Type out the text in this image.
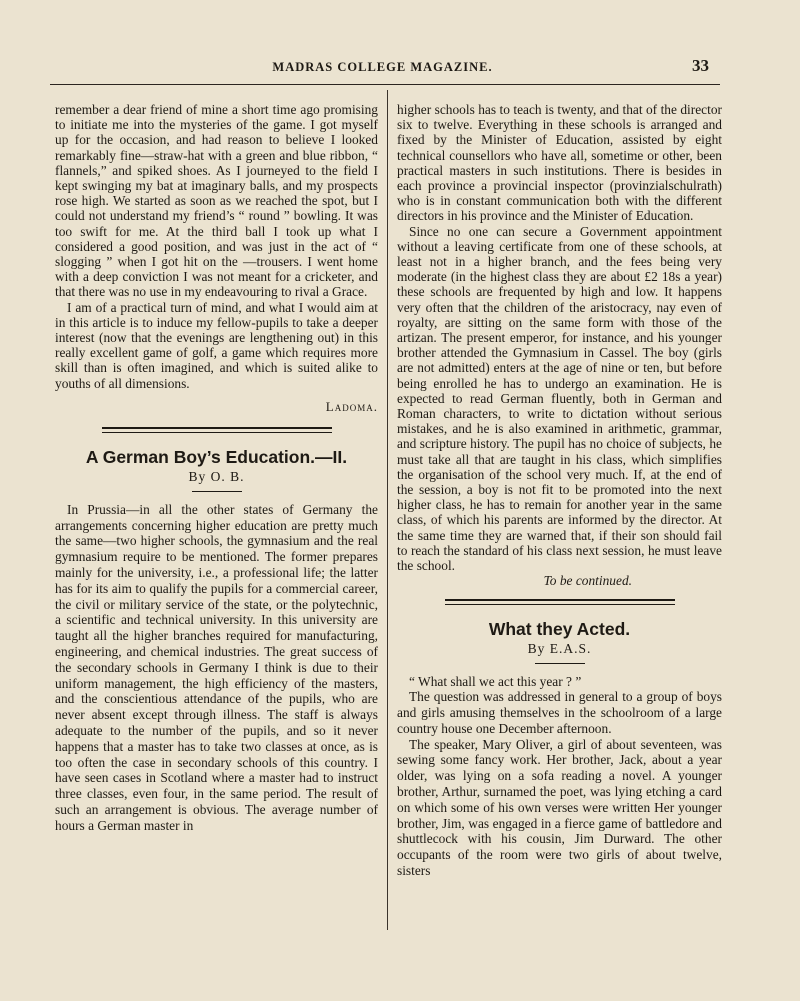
MADRAS COLLEGE MAGAZINE.	33

remember a dear friend of mine a short time ago promising to initiate me into the mysteries of the game. I got myself up for the occasion, and had reason to believe I looked remarkably fine—straw-hat with a green and blue ribbon, “ flannels,” and spiked shoes. As I journeyed to the field I kept swinging my bat at imaginary balls, and my prospects rose high. We started as soon as we reached the spot, but I could not understand my friend’s “ round ” bowling. It was too swift for me. At the third ball I took up what I considered a good position, and was just in the act of “ slogging ” when I got hit on the —trousers. I went home with a deep conviction I was not meant for a cricketer, and that there was no use in my endeavouring to rival a Grace.

I am of a practical turn of mind, and what I would aim at in this article is to induce my fellow-pupils to take a deeper interest (now that the evenings are lengthening out) in this really excellent game of golf, a game which requires more skill than is often imagined, and which is suited alike to youths of all dimensions.

Ladoma.
A German Boy’s Education.—II.
By O. B.

In Prussia—in all the other states of Germany the arrangements concerning higher education are pretty much the same—two higher schools, the gymnasium and the real gymnasium require to be mentioned. The former prepares mainly for the university, i.e., a professional life; the latter has for its aim to qualify the pupils for a commercial career, the civil or military service of the state, or the polytechnic, a scientific and technical university. In this university are taught all the higher branches required for manufacturing, engineering, and chemical industries. The great success of the secondary schools in Germany I think is due to their uniform management, the high efficiency of the masters, and the conscientious attendance of the pupils, who are never absent except through illness. The staff is always adequate to the number of the pupils, and so it never happens that a master has to take two classes at once, as is too often the case in secondary schools of this country. I have seen cases in Scotland where a master had to instruct three classes, even four, in the same period. The result of such an arrangement is obvious. The average number of hours a German master in

higher schools has to teach is twenty, and that of the director six to twelve. Everything in these schools is arranged and fixed by the Minister of Education, assisted by eight technical counsellors who have all, sometime or other, been practical masters in such institutions. There is besides in each province a provincial inspector (provinzialschulrath) who is in constant communication both with the different directors in his province and the Minister of Education.

Since no one can secure a Government appointment without a leaving certificate from one of these schools, at least not in a higher branch, and the fees being very moderate (in the highest class they are about £2 18s a year) these schools are frequented by high and low. It happens very often that the children of the aristocracy, nay even of royalty, are sitting on the same form with those of the artizan. The present emperor, for instance, and his younger brother attended the Gymnasium in Cassel. The boy (girls are not admitted) enters at the age of nine or ten, but before being enrolled he has to undergo an examination. He is expected to read German fluently, both in German and Roman characters, to write to dictation without serious mistakes, and he is also examined in arithmetic, grammar, and scripture history. The pupil has no choice of subjects, he must take all that are taught in his class, which simplifies the organisation of the school very much. If, at the end of the session, a boy is not fit to be promoted into the next higher class, he has to remain for another year in the same class, of which his parents are informed by the director. At the same time they are warned that, if their son should fail to reach the standard of his class next session, he must leave the school.

To be continued.

What they Acted.
By E.A.S.

“ What shall we act this year ? ”

The question was addressed in general to a group of boys and girls amusing themselves in the schoolroom of a large country house one December afternoon.

The speaker, Mary Oliver, a girl of about seventeen, was sewing some fancy work. Her brother, Jack, about a year older, was lying on a sofa reading a novel. A younger brother, Arthur, surnamed the poet, was lying etching a card on which some of his own verses were written Her younger brother, Jim, was engaged in a fierce game of battledore and shuttlecock with his cousin, Jim Durward. The other occupants of the room were two girls of about twelve, sisters
